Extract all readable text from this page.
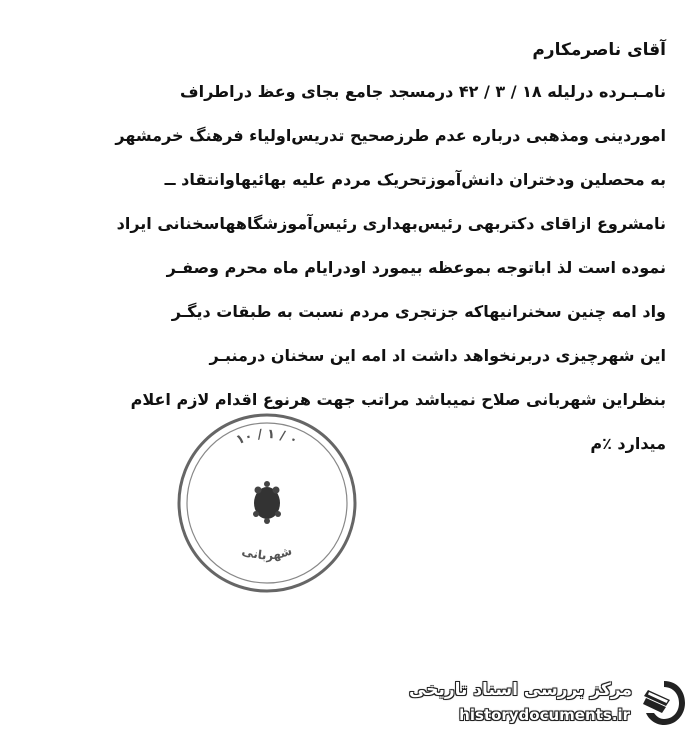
آقای ناصرمکارم
نامـبـرده درلیله ۱۸ / ۳ / ۴۲ درمسجد جامع بجای وعظ دراطراف
اموردینی ومذهبی درباره عدم طرزصحیح تدریس‌اولیاء فرهنگ خرمشهر
به محصلین ودختران دانش‌آموزتحریک مردم علیه بهائیهاوانتقاد ــ
نامشروع ازاقای دکتربهی رئیس‌بهداری رئیس‌آموزشگاههاسخنانی ایراد
نموده است لذ اباتوجه بموعظه بیمورد اودرایام ماه محرم وصفـر
واد امه چنین سخنرانیهاکه جزتجری مردم نسبت به طبقات دیگـر
این شهرچیزی دربرنخواهد داشت اد امه این سخنان درمنبـر
بنظراین شهربانی صلاح نمیباشد مراتب جهت هرنوع اقدام لازم اعلام
میدارد ٪م
۱۰ / ۱ / ۰
شهربانی
مرکز بررسی اسناد تاریخی
historydocuments.ir
